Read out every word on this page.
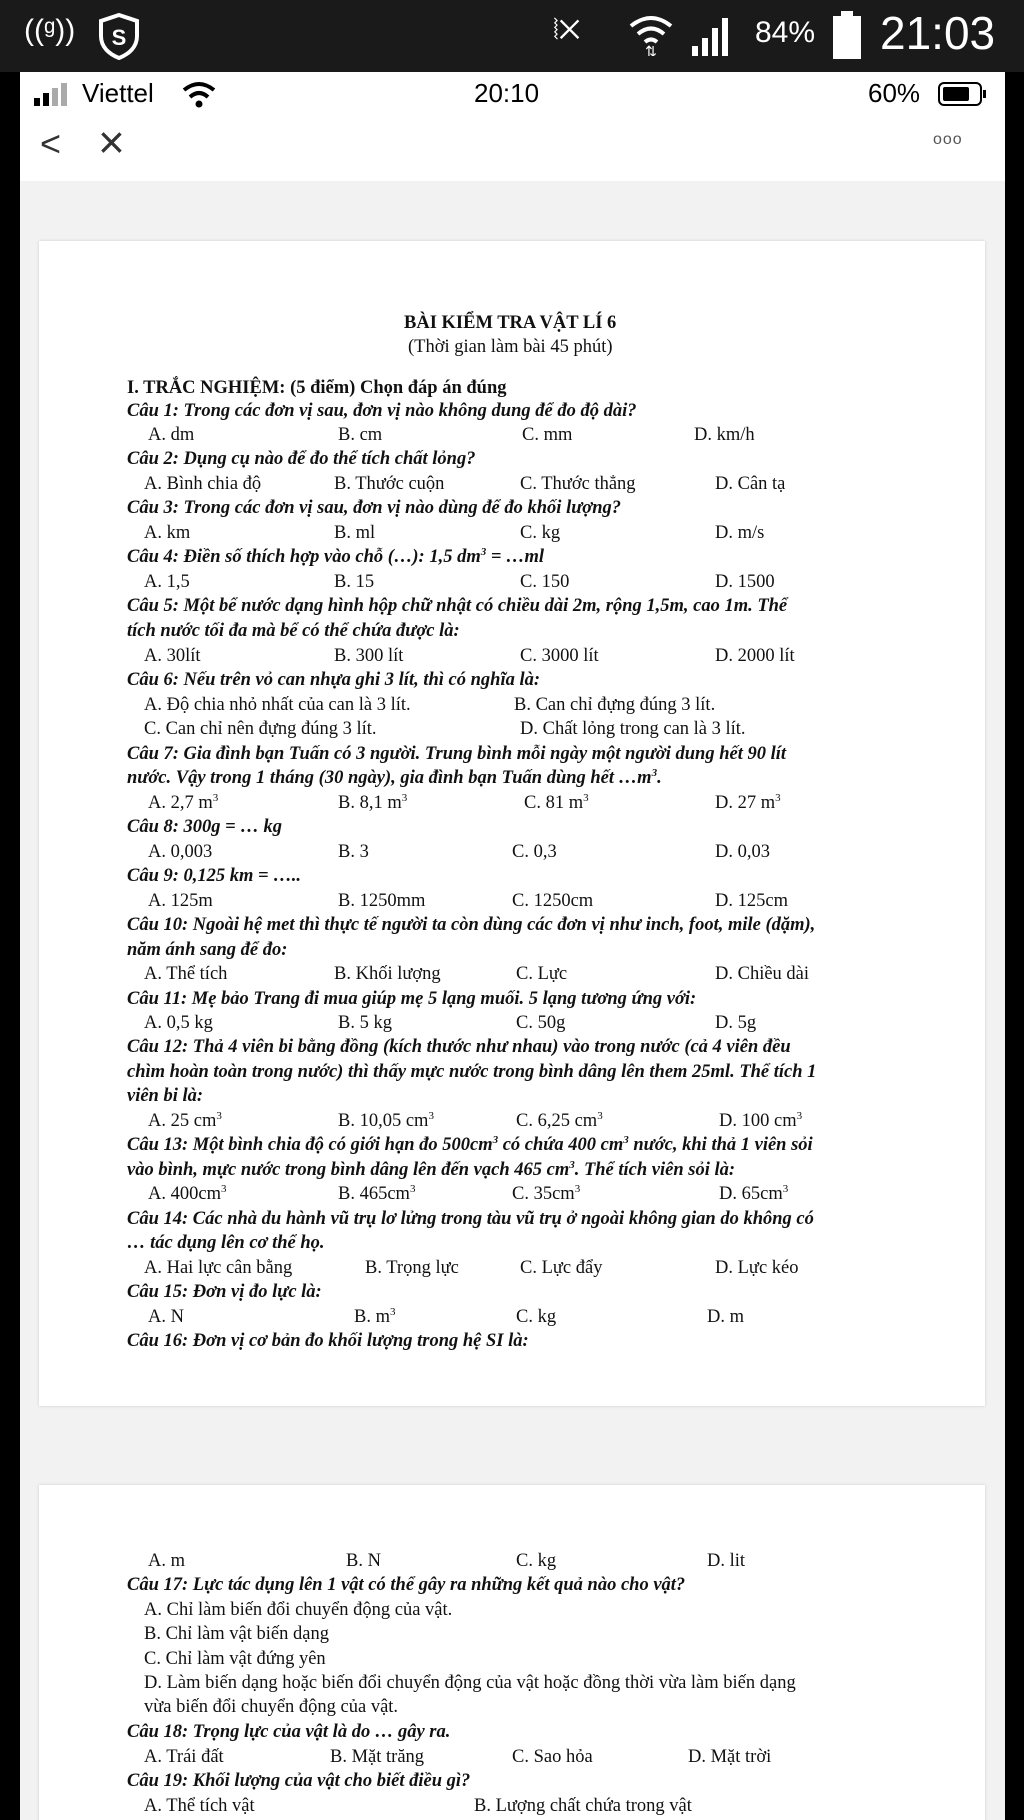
((ᵍ)) S	⦚✕
⇅
84% 21:03
Viettel	20:10	60%
< ×	ooo
BÀI KIỂM TRA VẬT LÍ 6
(Thời gian làm bài 45 phút)
I. TRẮC NGHIỆM: (5 điểm) Chọn đáp án đúng
Câu 1: Trong các đơn vị sau, đơn vị nào không dung để đo độ dài?
A. dm	B. cm	C. mm	D. km/h
Câu 2: Dụng cụ nào để đo thể tích chất lỏng?
A. Bình chia độ	B. Thước cuộn	C. Thước thẳng	D. Cân tạ
Câu 3: Trong các đơn vị sau, đơn vị nào dùng để đo khối lượng?
A. km	B. ml	C. kg	D. m/s
Câu 4: Điền số thích hợp vào chỗ (…): 1,5 $dm^3$ = …ml
A. 1,5	B. 15	C. 150	D. 1500
Câu 5: Một bể nước dạng hình hộp chữ nhật có chiều dài 2m, rộng 1,5m, cao 1m. Thể
tích nước tối đa mà bể có thể chứa được là:
A. 30lít	B. 300 lít	C. 3000 lít	D. 2000 lít
Câu 6: Nếu trên vỏ can nhựa ghi 3 lít, thì có nghĩa là:
A. Độ chia nhỏ nhất của can là 3 lít.	B. Can chỉ đựng đúng 3 lít.
C. Can chỉ nên đựng đúng 3 lít.	D. Chất lỏng trong can là 3 lít.
Câu 7: Gia đình bạn Tuấn có 3 người. Trung bình mỗi ngày một người dung hết 90 lít
nước. Vậy trong 1 tháng (30 ngày), gia đình bạn Tuấn dùng hết $\dots m^3$.
A. 2,7 $m^3$	B. 8,1 $m^3$	C. 81 $m^3$	D. 27 $m^3$
Câu 8: 300g = … kg
A. 0,003	B. 3	C. 0,3	D. 0,03
Câu 9: 0,125 km = …..
A. 125m	B. 1250mm	C. 1250cm	D. 125cm
Câu 10: Ngoài hệ met thì thực tế người ta còn dùng các đơn vị như inch, foot, mile (dặm),
năm ánh sang để đo:
A. Thể tích	B. Khối lượng	C. Lực	D. Chiều dài
Câu 11: Mẹ bảo Trang đi mua giúp mẹ 5 lạng muối. 5 lạng tương ứng với:
A. 0,5 kg	B. 5 kg	C. 50g	D. 5g
Câu 12: Thả 4 viên bi bằng đồng (kích thước như nhau) vào trong nước (cả 4 viên đều
chìm hoàn toàn trong nước) thì thấy mực nước trong bình dâng lên them 25ml. Thể tích 1
viên bi là:
A. 25 $cm^3$	B. 10,05 $cm^3$	C. 6,25 $cm^3$	D. 100 $cm^3$
Câu 13: Một bình chia độ có giới hạn đo $500cm^3$ có chứa 400 $cm^3$ nước, khi thả 1 viên sỏi
vào bình, mực nước trong bình dâng lên đến vạch 465 $cm^3$. Thể tích viên sỏi là:
A. $400cm^3$	B. $465cm^3$	C. $35cm^3$	D. $65cm^3$
Câu 14: Các nhà du hành vũ trụ lơ lửng trong tàu vũ trụ ở ngoài không gian do không có
… tác dụng lên cơ thể họ.
A. Hai lực cân bằng	B. Trọng lực	C. Lực đẩy	D. Lực kéo
Câu 15: Đơn vị đo lực là:
A. N	B. $m^3$	C. kg	D. m
Câu 16: Đơn vị cơ bản đo khối lượng trong hệ SI là:
A. m	B. N	C. kg	D. lit
Câu 17: Lực tác dụng lên 1 vật có thể gây ra những kết quả nào cho vật?
A. Chỉ làm biến đổi chuyển động của vật.
B. Chỉ làm vật biến dạng
C. Chỉ làm vật đứng yên
D. Làm biến dạng hoặc biến đổi chuyển động của vật hoặc đồng thời vừa làm biến dạng
vừa biến đổi chuyển động của vật.
Câu 18: Trọng lực của vật là do … gây ra.
A. Trái đất	B. Mặt trăng	C. Sao hỏa	D. Mặt trời
Câu 19: Khối lượng của vật cho biết điều gì?
A. Thể tích vật	B. Lượng chất chứa trong vật
